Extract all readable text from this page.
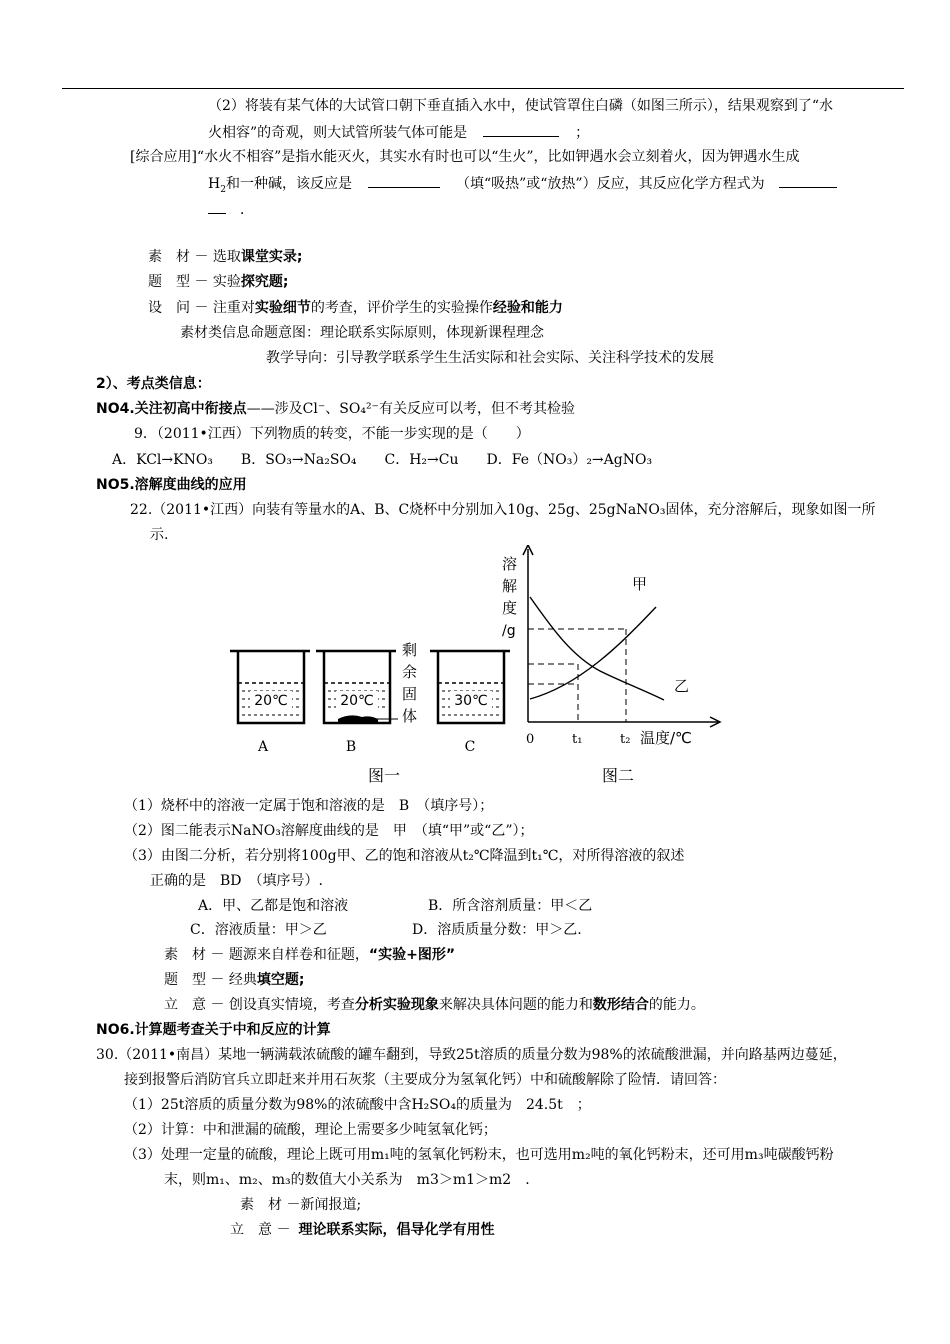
（2）将装有某气体的大试管口朝下垂直插入水中，使试管罩住白磷（如图三所示），结果观察到了“水
火相容”的奇观，则大试管所装气体可能是	；
[综合应用]“水火不相容”是指水能灭火，其实水有时也可以“生火”，比如钾遇水会立刻着火，因为钾遇水生成
$H_2$和一种碱，该反应是	（填“吸热”或“放热”）反应，其反应化学方程式为
．
素　材 － 选取课堂实录;
题　型 － 实验探究题;
设　问 － 注重对实验细节的考查，评价学生的实验操作经验和能力
素材类信息命题意图：理论联系实际原则，体现新课程理念
教学导向：引导教学联系学生生活实际和社会实际、关注科学技术的发展
2）、考点类信息：
NO4.关注初高中衔接点——涉及Cl⁻、SO₄²⁻有关反应可以考，但不考其检验
9．（2011•江西）下列物质的转变，不能一步实现的是（　　）
A．KCl→KNO₃ B．SO₃→Na₂SO₄ C．H₂→Cu D．Fe（NO₃）₂→AgNO₃
NO5.溶解度曲线的应用
22.（2011•江西）向装有等量水的A、B、C烧杯中分别加入10g、25g、25gNaNO₃固体，充分溶解后，现象如图一所
示.
20℃
A
20℃
B
剩
余
固
体
30℃
C
图一
溶
解
度
/g
甲
乙
0	t₁	t₂ 温度/℃
图二
（1）烧杯中的溶液一定属于饱和溶液的是　B　（填序号）；
（2）图二能表示NaNO₃溶解度曲线的是　甲　（填“甲”或“乙”）；
（3）由图二分析，若分别将100g甲、乙的饱和溶液从t₂℃降温到t₁℃，对所得溶液的叙述
正确的是　BD　（填序号）.
A．甲、乙都是饱和溶液	B．所含溶剂质量：甲＜乙
C．溶液质量：甲＞乙	D．溶质质量分数：甲＞乙.
素　材 － 题源来自样卷和征题，“实验+图形”
题　型 － 经典填空题;
立　意 － 创设真实情境，考查分析实验现象来解决具体问题的能力和数形结合的能力。
NO6.计算题考查关于中和反应的计算
30.（2011•南昌）某地一辆满载浓硫酸的罐车翻到，导致25t溶质的质量分数为98%的浓硫酸泄漏，并向路基两边蔓延，
接到报警后消防官兵立即赶来并用石灰浆（主要成分为氢氧化钙）中和硫酸解除了险情．请回答：
（1）25t溶质的质量分数为98%的浓硫酸中含H₂SO₄的质量为　24.5t　；
（2）计算：中和泄漏的硫酸，理论上需要多少吨氢氧化钙；
（3）处理一定量的硫酸，理论上既可用m₁吨的氢氧化钙粉末，也可选用m₂吨的氧化钙粉末，还可用m₃吨碳酸钙粉
末，则m₁、m₂、m₃的数值大小关系为　m3＞m1＞m2　.
素　材 －新闻报道;
立　意 － 理论联系实际，倡导化学有用性
